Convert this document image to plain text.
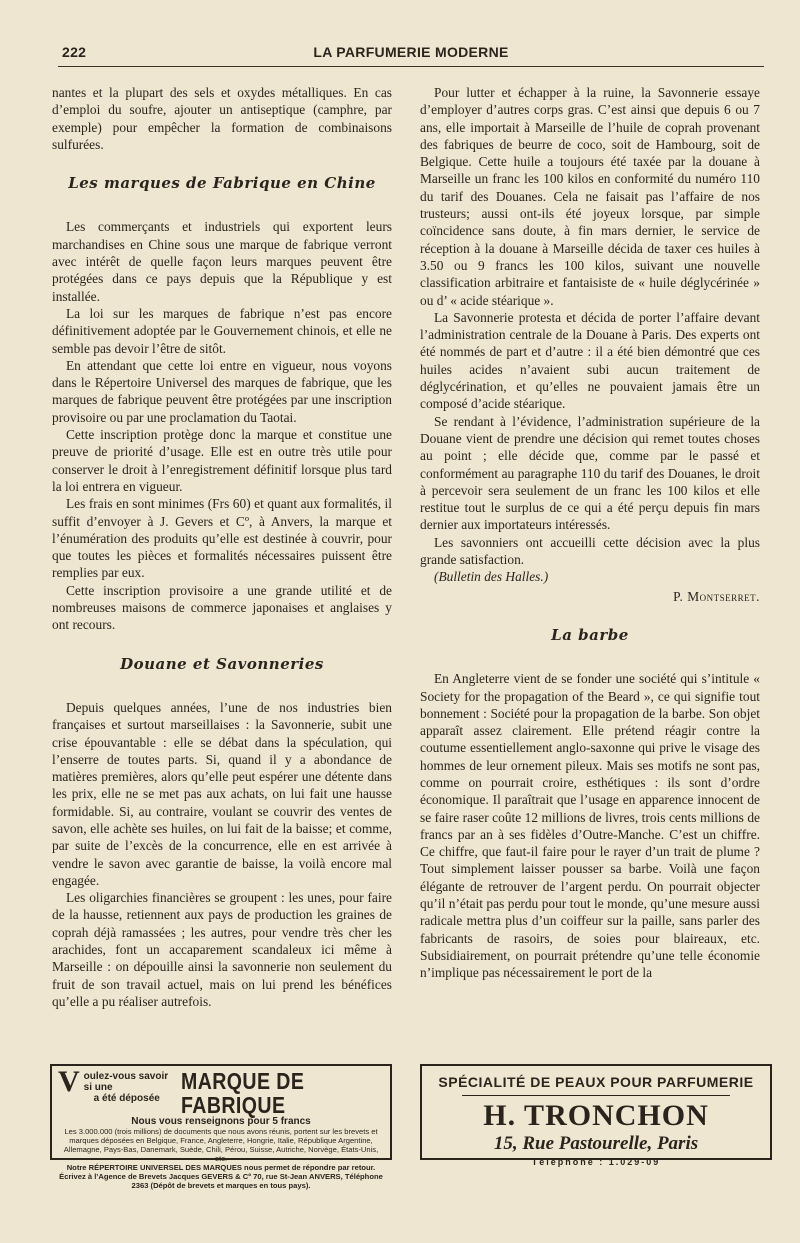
222	LA PARFUMERIE MODERNE

nantes et la plupart des sels et oxydes métalliques. En cas d’emploi du soufre, ajouter un antiseptique (camphre, par exemple) pour empêcher la formation de combinaisons sulfurées.

Les marques de Fabrique en Chine

Les commerçants et industriels qui exportent leurs marchandises en Chine sous une marque de fabrique verront avec intérêt de quelle façon leurs marques peuvent être protégées dans ce pays depuis que la République y est installée.

La loi sur les marques de fabrique n’est pas encore définitivement adoptée par le Gouvernement chinois, et elle ne semble pas devoir l’être de sitôt.

En attendant que cette loi entre en vigueur, nous voyons dans le Répertoire Universel des marques de fabrique, que les marques de fabrique peuvent être protégées par une inscription provisoire ou par une proclamation du Taotai.

Cette inscription protège donc la marque et constitue une preuve de priorité d’usage. Elle est en outre très utile pour conserver le droit à l’enregistrement définitif lorsque plus tard la loi entrera en vigueur.

Les frais en sont minimes (Frs 60) et quant aux formalités, il suffit d’envoyer à J. Gevers et Cº, à Anvers, la marque et l’énumération des produits qu’elle est destinée à couvrir, pour que toutes les pièces et formalités nécessaires puissent être remplies par eux.

Cette inscription provisoire a une grande utilité et de nombreuses maisons de commerce japonaises et anglaises y ont recours.

Douane et Savonneries

Depuis quelques années, l’une de nos industries bien françaises et surtout marseillaises : la Savonnerie, subit une crise épouvantable : elle se débat dans la spéculation, qui l’enserre de toutes parts. Si, quand il y a abondance de matières premières, alors qu’elle peut espérer une détente dans les prix, elle ne se met pas aux achats, on lui fait une hausse formidable. Si, au contraire, voulant se couvrir des ventes de savon, elle achète ses huiles, on lui fait de la baisse; et comme, par suite de l’excès de la concurrence, elle en est arrivée à vendre le savon avec garantie de baisse, la voilà encore mal engagée.

Les oligarchies financières se groupent : les unes, pour faire de la hausse, retiennent aux pays de production les graines de coprah déjà ramassées ; les autres, pour vendre très cher les arachides, font un accaparement scandaleux ici même à Marseille : on dépouille ainsi la savonnerie non seulement du fruit de son travail actuel, mais on lui prend les bénéfices qu’elle a pu réaliser autrefois.

Pour lutter et échapper à la ruine, la Savonnerie essaye d’employer d’autres corps gras. C’est ainsi que depuis 6 ou 7 ans, elle importait à Marseille de l’huile de coprah provenant des fabriques de beurre de coco, soit de Hambourg, soit de Belgique. Cette huile a toujours été taxée par la douane à Marseille un franc les 100 kilos en conformité du numéro 110 du tarif des Douanes. Cela ne faisait pas l’affaire de nos trusteurs; aussi ont-ils été joyeux lorsque, par simple coïncidence sans doute, à fin mars dernier, le service de réception à la douane à Marseille décida de taxer ces huiles à 3.50 ou 9 francs les 100 kilos, suivant une nouvelle classification arbitraire et fantaisiste de « huile déglycérinée » ou d’ « acide stéarique ».

La Savonnerie protesta et décida de porter l’affaire devant l’administration centrale de la Douane à Paris. Des experts ont été nommés de part et d’autre : il a été bien démontré que ces huiles acides n’avaient subi aucun traitement de déglycérination, et qu’elles ne pouvaient jamais être un composé d’acide stéarique.

Se rendant à l’évidence, l’administration supérieure de la Douane vient de prendre une décision qui remet toutes choses au point ; elle décide que, comme par le passé et conformément au paragraphe 110 du tarif des Douanes, le droit à percevoir sera seulement de un franc les 100 kilos et elle restitue tout le surplus de ce qui a été perçu depuis fin mars dernier aux importateurs intéressés.

Les savonniers ont accueilli cette décision avec la plus grande satisfaction.

(Bulletin des Halles.)

P. Montserret.
La barbe

En Angleterre vient de se fonder une société qui s’intitule « Society for the propagation of the Beard », ce qui signifie tout bonnement : Société pour la propagation de la barbe. Son objet apparaît assez clairement. Elle prétend réagir contre la coutume essentiellement anglo-saxonne qui prive le visage des hommes de leur ornement pileux. Mais ses motifs ne sont pas, comme on pourrait croire, esthétiques : ils sont d’ordre économique. Il paraîtrait que l’usage en apparence innocent de se faire raser coûte 12 millions de livres, trois cents millions de francs par an à ses fidèles d’Outre-Manche. C’est un chiffre. Ce chiffre, que faut-il faire pour le rayer d’un trait de plume ? Tout simplement laisser pousser sa barbe. Voilà une façon élégante de retrouver de l’argent perdu. On pourrait objecter qu’il n’était pas perdu pour tout le monde, qu’une mesure aussi radicale mettra plus d’un coiffeur sur la paille, sans parler des fabricants de rasoirs, de soies pour blaireaux, etc. Subsidiairement, on pourrait prétendre qu’une telle économie n’implique pas nécessairement le port de la

V oulez-vous savoir si une
a été déposée
MARQUE DE FABRIQUE
Nous vous renseignons pour 5 francs
Les 3.000.000 (trois millions) de documents que nous avons réunis, portent sur les brevets et marques déposées en Belgique, France, Angleterre, Hongrie, Italie, République Argentine, Allemagne, Pays-Bas, Danemark, Suède, Chili, Pérou, Suisse, Autriche, Norvège, États-Unis, etc.
Notre RÉPERTOIRE UNIVERSEL DES MARQUES nous permet de répondre par retour.
Écrivez à l’Agence de Brevets Jacques GEVERS & Cº 70, rue St-Jean ANVERS, Téléphone 2363 (Dépôt de brevets et marques en tous pays).
SPÉCIALITÉ DE PEAUX POUR PARFUMERIE
H. TRONCHON
15, Rue Pastourelle, Paris
Téléphone : 1.029-09
